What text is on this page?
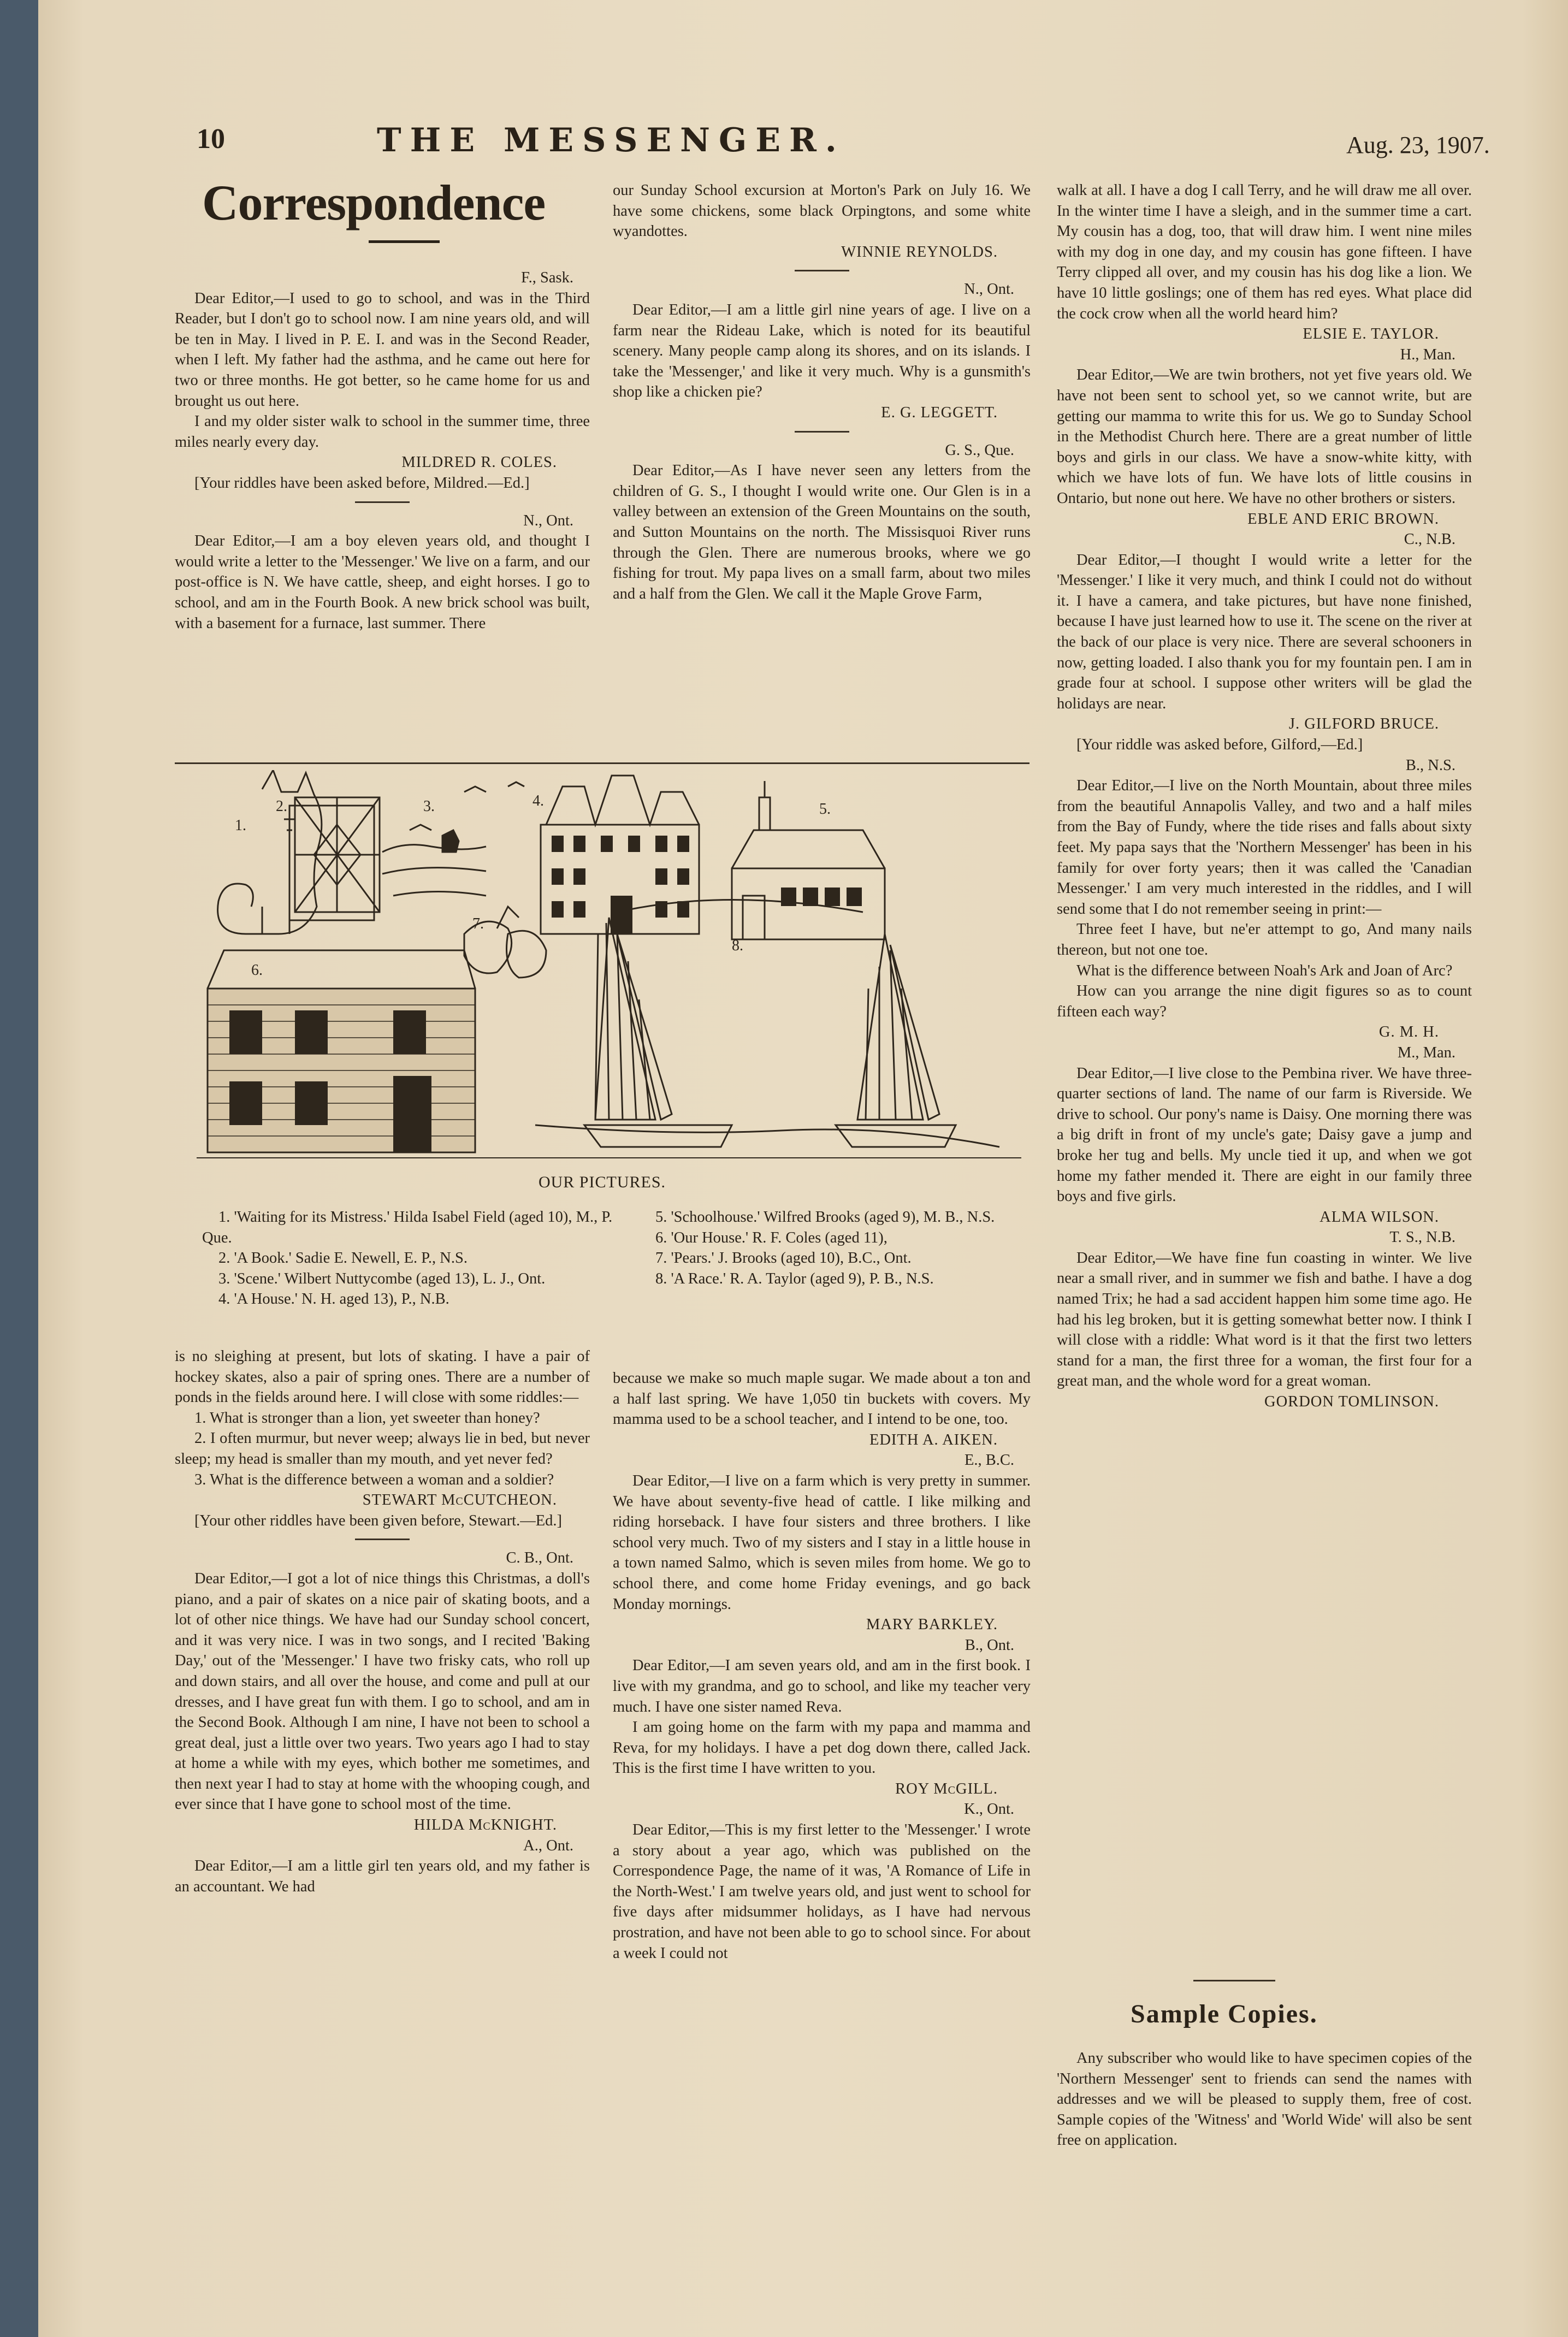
10	THE MESSENGER.	Aug. 23, 1907.
Correspondence

F., Sask.

Dear Editor,—I used to go to school, and was in the Third Reader, but I don't go to school now. I am nine years old, and will be ten in May. I lived in P. E. I. and was in the Second Reader, when I left. My father had the asthma, and he came out here for two or three months. He got better, so he came home for us and brought us out here.

I and my older sister walk to school in the summer time, three miles nearly every day.

MILDRED R. COLES.

[Your riddles have been asked before, Mildred.—Ed.]

N., Ont.

Dear Editor,—I am a boy eleven years old, and thought I would write a letter to the 'Messenger.' We live on a farm, and our post-office is N. We have cattle, sheep, and eight horses. I go to school, and am in the Fourth Book. A new brick school was built, with a basement for a furnace, last summer. There

our Sunday School excursion at Morton's Park on July 16. We have some chickens, some black Orpingtons, and some white wyandottes.

WINNIE REYNOLDS.

N., Ont.

Dear Editor,—I am a little girl nine years of age. I live on a farm near the Rideau Lake, which is noted for its beautiful scenery. Many people camp along its shores, and on its islands. I take the 'Messenger,' and like it very much. Why is a gunsmith's shop like a chicken pie?

E. G. LEGGETT.

G. S., Que.

Dear Editor,—As I have never seen any letters from the children of G. S., I thought I would write one. Our Glen is in a valley between an extension of the Green Mountains on the south, and Sutton Mountains on the north. The Missisquoi River runs through the Glen. There are numerous brooks, where we go fishing for trout. My papa lives on a small farm, about two miles and a half from the Glen. We call it the Maple Grove Farm,

walk at all. I have a dog I call Terry, and he will draw me all over. In the winter time I have a sleigh, and in the summer time a cart. My cousin has a dog, too, that will draw him. I went nine miles with my dog in one day, and my cousin has gone fifteen. I have Terry clipped all over, and my cousin has his dog like a lion. We have 10 little goslings; one of them has red eyes. What place did the cock crow when all the world heard him?

ELSIE E. TAYLOR.

H., Man.

Dear Editor,—We are twin brothers, not yet five years old. We have not been sent to school yet, so we cannot write, but are getting our mamma to write this for us. We go to Sunday School in the Methodist Church here. There are a great number of little boys and girls in our class. We have a snow-white kitty, with which we have lots of fun. We have lots of little cousins in Ontario, but none out here. We have no other brothers or sisters.

EBLE AND ERIC BROWN.

C., N.B.

Dear Editor,—I thought I would write a letter for the 'Messenger.' I like it very much, and think I could not do without it. I have a camera, and take pictures, but have none finished, because I have just learned how to use it. The scene on the river at the back of our place is very nice. There are several schooners in now, getting loaded. I also thank you for my fountain pen. I am in grade four at school. I suppose other writers will be glad the holidays are near.

J. GILFORD BRUCE.

[Your riddle was asked before, Gilford,—Ed.]

B., N.S.

Dear Editor,—I live on the North Mountain, about three miles from the beautiful Annapolis Valley, and two and a half miles from the Bay of Fundy, where the tide rises and falls about sixty feet. My papa says that the 'Northern Messenger' has been in his family for over forty years; then it was called the 'Canadian Messenger.' I am very much interested in the riddles, and I will send some that I do not remember seeing in print:—

Three feet I have, but ne'er attempt to go, And many nails thereon, but not one toe.

What is the difference between Noah's Ark and Joan of Arc?

How can you arrange the nine digit figures so as to count fifteen each way?

G. M. H.

M., Man.

Dear Editor,—I live close to the Pembina river. We have three-quarter sections of land. The name of our farm is Riverside. We drive to school. Our pony's name is Daisy. One morning there was a big drift in front of my uncle's gate; Daisy gave a jump and broke her tug and bells. My uncle tied it up, and when we got home my father mended it. There are eight in our family three boys and five girls.

ALMA WILSON.

T. S., N.B.

Dear Editor,—We have fine fun coasting in winter. We live near a small river, and in summer we fish and bathe. I have a dog named Trix; he had a sad accident happen him some time ago. He had his leg broken, but it is getting somewhat better now. I think I will close with a riddle: What word is it that the first two letters stand for a man, the first three for a woman, the first four for a great man, and the whole word for a great woman.

GORDON TOMLINSON.

1.
2.	3.	4.	5.
6.
7.
8.
OUR PICTURES.

1. 'Waiting for its Mistress.' Hilda Isabel Field (aged 10), M., P. Que.

2. 'A Book.' Sadie E. Newell, E. P., N.S.

3. 'Scene.' Wilbert Nuttycombe (aged 13), L. J., Ont.

4. 'A House.' N. H. aged 13), P., N.B.

5. 'Schoolhouse.' Wilfred Brooks (aged 9), M. B., N.S.

6. 'Our House.' R. F. Coles (aged 11),

7. 'Pears.' J. Brooks (aged 10), B.C., Ont.

8. 'A Race.' R. A. Taylor (aged 9), P. B., N.S.

is no sleighing at present, but lots of skating. I have a pair of hockey skates, also a pair of spring ones. There are a number of ponds in the fields around here. I will close with some riddles:—

1. What is stronger than a lion, yet sweeter than honey?

2. I often murmur, but never weep; always lie in bed, but never sleep; my head is smaller than my mouth, and yet never fed?

3. What is the difference between a woman and a soldier?

STEWART McCUTCHEON.

[Your other riddles have been given before, Stewart.—Ed.]

C. B., Ont.

Dear Editor,—I got a lot of nice things this Christmas, a doll's piano, and a pair of skates on a nice pair of skating boots, and a lot of other nice things. We have had our Sunday school concert, and it was very nice. I was in two songs, and I recited 'Baking Day,' out of the 'Messenger.' I have two frisky cats, who roll up and down stairs, and all over the house, and come and pull at our dresses, and I have great fun with them. I go to school, and am in the Second Book. Although I am nine, I have not been to school a great deal, just a little over two years. Two years ago I had to stay at home a while with my eyes, which bother me sometimes, and then next year I had to stay at home with the whooping cough, and ever since that I have gone to school most of the time.

HILDA McKNIGHT.

A., Ont.

Dear Editor,—I am a little girl ten years old, and my father is an accountant. We had

because we make so much maple sugar. We made about a ton and a half last spring. We have 1,050 tin buckets with covers. My mamma used to be a school teacher, and I intend to be one, too.

EDITH A. AIKEN.

E., B.C.

Dear Editor,—I live on a farm which is very pretty in summer. We have about seventy-five head of cattle. I like milking and riding horseback. I have four sisters and three brothers. I like school very much. Two of my sisters and I stay in a little house in a town named Salmo, which is seven miles from home. We go to school there, and come home Friday evenings, and go back Monday mornings.

MARY BARKLEY.

B., Ont.

Dear Editor,—I am seven years old, and am in the first book. I live with my grandma, and go to school, and like my teacher very much. I have one sister named Reva.

I am going home on the farm with my papa and mamma and Reva, for my holidays. I have a pet dog down there, called Jack. This is the first time I have written to you.

ROY McGILL.

K., Ont.

Dear Editor,—This is my first letter to the 'Messenger.' I wrote a story about a year ago, which was published on the Correspondence Page, the name of it was, 'A Romance of Life in the North-West.' I am twelve years old, and just went to school for five days after midsummer holidays, as I have had nervous prostration, and have not been able to go to school since. For about a week I could not

Sample Copies.

Any subscriber who would like to have specimen copies of the 'Northern Messenger' sent to friends can send the names with addresses and we will be pleased to supply them, free of cost. Sample copies of the 'Witness' and 'World Wide' will also be sent free on application.
